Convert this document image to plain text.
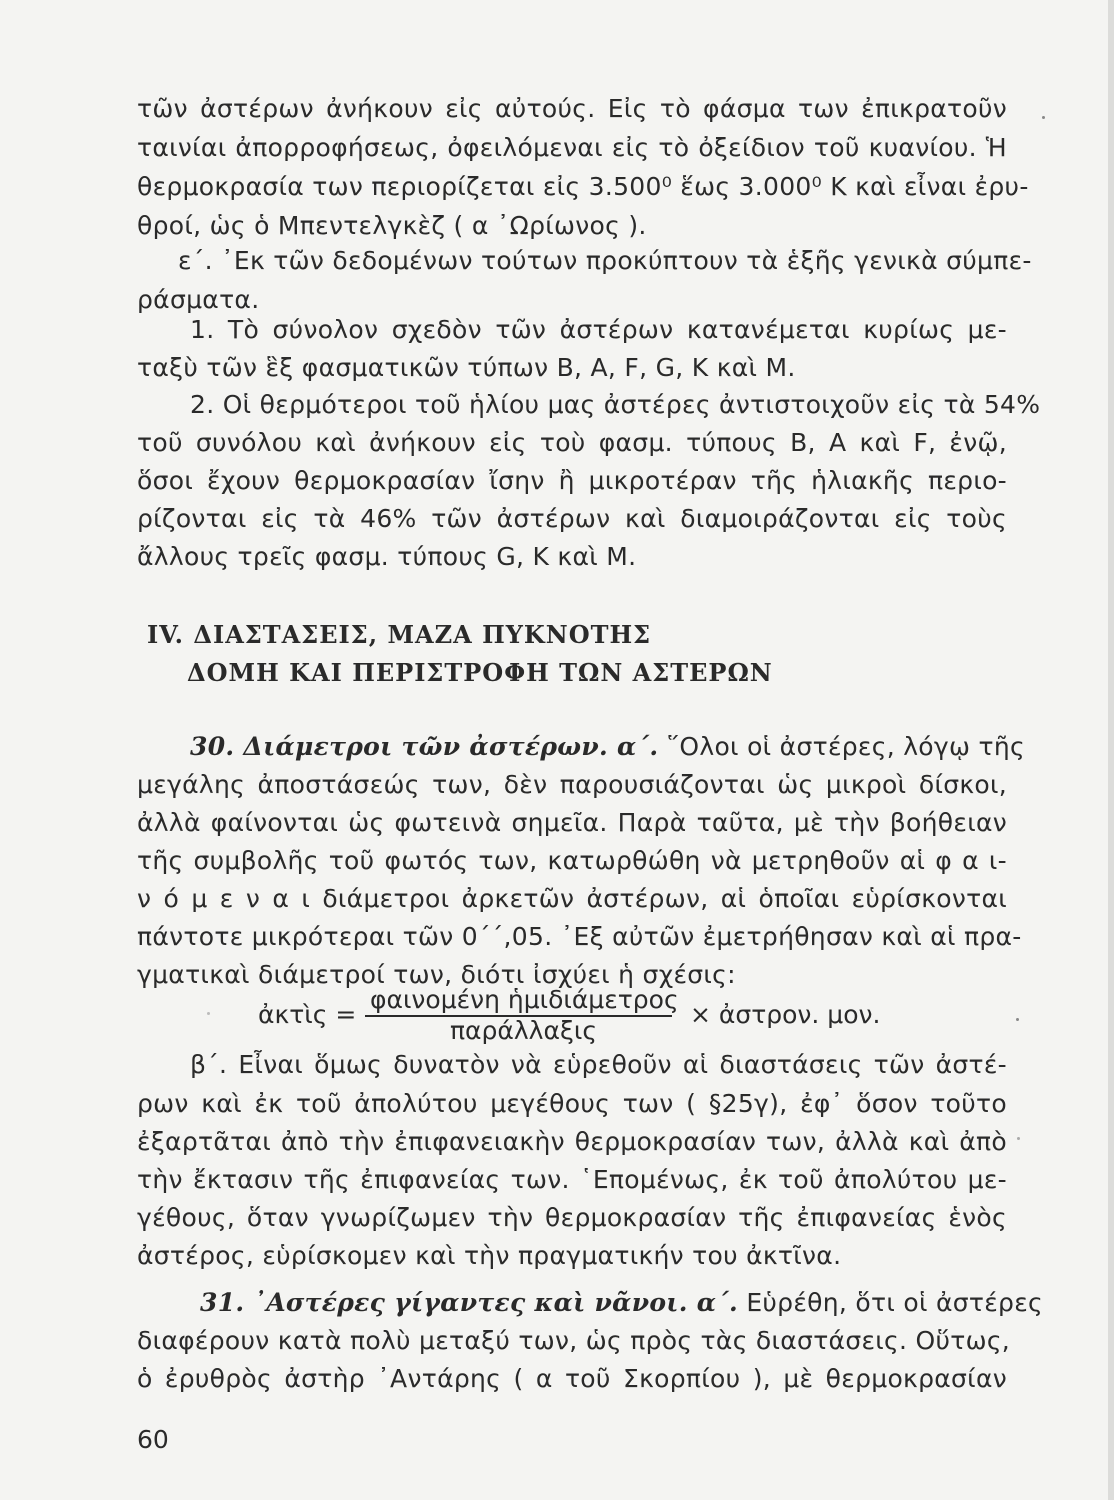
τῶν ἀστέρων ἀνήκουν εἰς αὐτούς. Εἰς τὸ φάσμα των ἐπικρατοῦν
ταινίαι ἀπορροφήσεως, ὀφειλόμεναι εἰς τὸ ὀξείδιον τοῦ κυανίου. Ἡ
θερμοκρασία των περιορίζεται εἰς 3.500⁰ ἕως 3.000⁰ Κ καὶ εἶναι ἐρυ-
θροί, ὡς ὁ Μπεντελγκὲζ ( α ᾿Ωρίωνος ).
ε΄. ᾿Εκ τῶν δεδομένων τούτων προκύπτουν τὰ ἑξῆς γενικὰ σύμπε-
ράσματα.
1. Τὸ σύνολον σχεδὸν τῶν ἀστέρων κατανέμεται κυρίως με-
ταξὺ τῶν ἓξ φασματικῶν τύπων B, A, F, G, K καὶ M.
2. Οἱ θερμότεροι τοῦ ἡλίου μας ἀστέρες ἀντιστοιχοῦν εἰς τὰ 54%
τοῦ συνόλου καὶ ἀνήκουν εἰς τοὺ φασμ. τύπους B, A καὶ F, ἐνῷ,
ὅσοι ἔχουν θερμοκρασίαν ἴσην ἢ μικροτέραν τῆς ἡλιακῆς περιο-
ρίζονται εἰς τὰ 46% τῶν ἀστέρων καὶ διαμοιράζονται εἰς τοὺς
ἄλλους τρεῖς φασμ. τύπους G, K καὶ M.
IV. ΔΙΑΣΤΑΣΕΙΣ, ΜΑΖΑ ΠΥΚΝΟΤΗΣ
ΔΟΜΗ ΚΑΙ ΠΕΡΙΣΤΡΟΦΗ ΤΩΝ ΑΣΤΕΡΩΝ
30. Διάμετροι τῶν ἀστέρων. α΄. ῞Ολοι οἱ ἀστέρες, λόγῳ τῆς
μεγάλης ἀποστάσεώς των, δὲν παρουσιάζονται ὡς μικροὶ δίσκοι,
ἀλλὰ φαίνονται ὡς φωτεινὰ σημεῖα. Παρὰ ταῦτα, μὲ τὴν βοήθειαν
τῆς συμβολῆς τοῦ φωτός των, κατωρθώθη νὰ μετρηθοῦν αἱ φ α ι-
ν ό μ ε ν α ι διάμετροι ἀρκετῶν ἀστέρων, αἱ ὁποῖαι εὑρίσκονται
πάντοτε μικρότεραι τῶν 0΄΄,05. ᾿Εξ αὐτῶν ἐμετρήθησαν καὶ αἱ πρα-
γματικαὶ διάμετροί των, διότι ἰσχύει ἡ σχέσις:
ἀκτὶς =
φαινομένη ἡμιδιάμετρος
παράλλαξις
× ἀστρον. μον.
β΄. Εἶναι ὅμως δυνατὸν νὰ εὑρεθοῦν αἱ διαστάσεις τῶν ἀστέ-
ρων καὶ ἐκ τοῦ ἀπολύτου μεγέθους των ( §25γ), ἐφ᾿ ὅσον τοῦτο
ἐξαρτᾶται ἀπὸ τὴν ἐπιφανειακὴν θερμοκρασίαν των, ἀλλὰ καὶ ἀπὸ
τὴν ἔκτασιν τῆς ἐπιφανείας των. ῾Επομένως, ἐκ τοῦ ἀπολύτου με-
γέθους, ὅταν γνωρίζωμεν τὴν θερμοκρασίαν τῆς ἐπιφανείας ἑνὸς
ἀστέρος, εὑρίσκομεν καὶ τὴν πραγματικήν του ἀκτῖνα.
31. ᾿Αστέρες γίγαντες καὶ νᾶνοι. α΄. Εὑρέθη, ὅτι οἱ ἀστέρες
διαφέρουν κατὰ πολὺ μεταξύ των, ὡς πρὸς τὰς διαστάσεις. Οὕτως,
ὁ ἐρυθρὸς ἀστὴρ ᾿Αντάρης ( α τοῦ Σκορπίου ), μὲ θερμοκρασίαν
60
